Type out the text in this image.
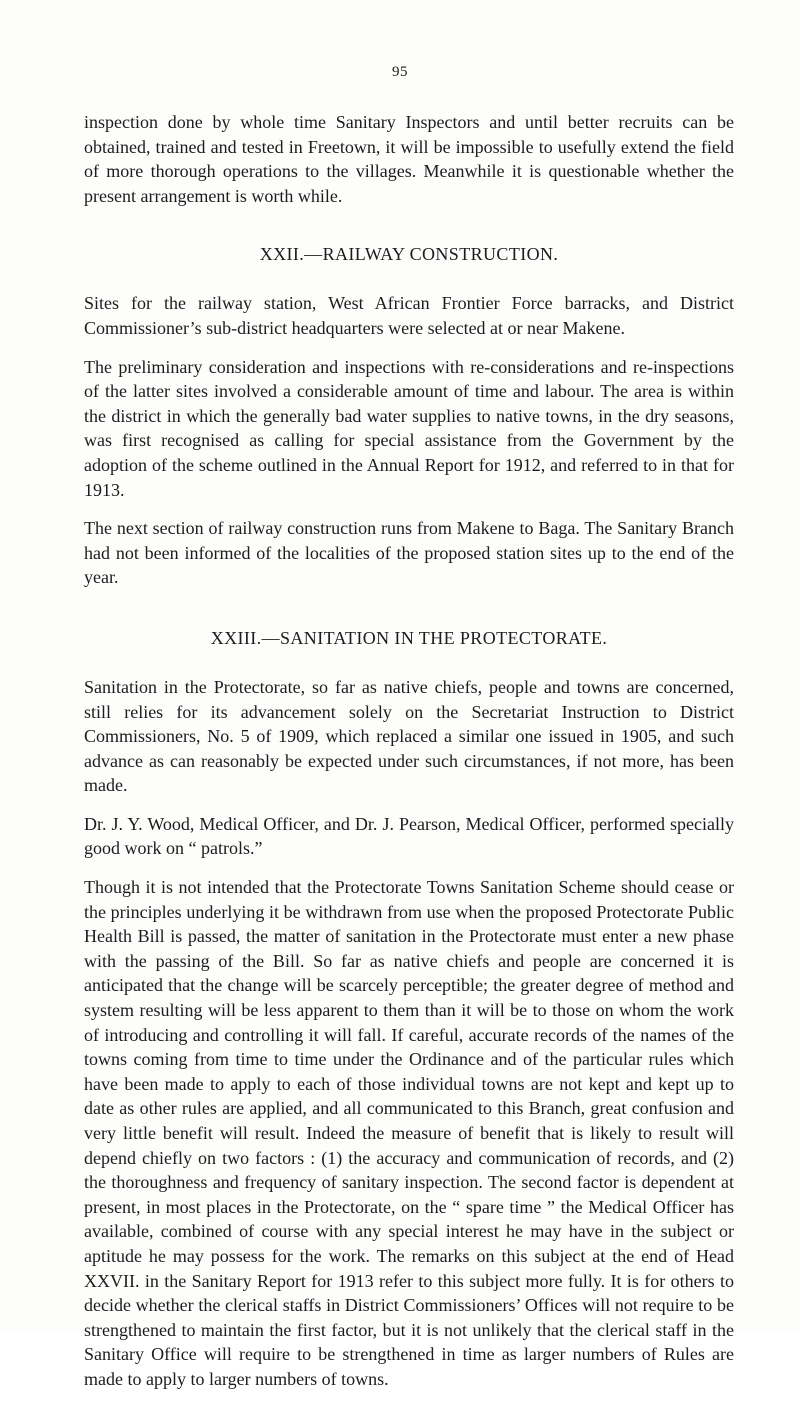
95

inspection done by whole time Sanitary Inspectors and until better recruits can be obtained, trained and tested in Freetown, it will be impossible to usefully extend the field of more thorough operations to the villages. Meanwhile it is questionable whether the present arrangement is worth while.

XXII.—RAILWAY CONSTRUCTION.

Sites for the railway station, West African Frontier Force barracks, and District Commissioner’s sub-district headquarters were selected at or near Makene.

The preliminary consideration and inspections with re-considerations and re-inspections of the latter sites involved a considerable amount of time and labour. The area is within the district in which the generally bad water supplies to native towns, in the dry seasons, was first recognised as calling for special assistance from the Government by the adoption of the scheme outlined in the Annual Report for 1912, and referred to in that for 1913.

The next section of railway construction runs from Makene to Baga. The Sanitary Branch had not been informed of the localities of the proposed station sites up to the end of the year.

XXIII.—SANITATION IN THE PROTECTORATE.

Sanitation in the Protectorate, so far as native chiefs, people and towns are concerned, still relies for its advancement solely on the Secretariat Instruction to District Commissioners, No. 5 of 1909, which replaced a similar one issued in 1905, and such advance as can reasonably be expected under such circumstances, if not more, has been made.

Dr. J. Y. Wood, Medical Officer, and Dr. J. Pearson, Medical Officer, performed specially good work on “ patrols.”

Though it is not intended that the Protectorate Towns Sanitation Scheme should cease or the principles underlying it be withdrawn from use when the proposed Protectorate Public Health Bill is passed, the matter of sanitation in the Protectorate must enter a new phase with the passing of the Bill. So far as native chiefs and people are concerned it is anticipated that the change will be scarcely perceptible; the greater degree of method and system resulting will be less apparent to them than it will be to those on whom the work of introducing and controlling it will fall. If careful, accurate records of the names of the towns coming from time to time under the Ordinance and of the particular rules which have been made to apply to each of those individual towns are not kept and kept up to date as other rules are applied, and all communicated to this Branch, great confusion and very little benefit will result. Indeed the measure of benefit that is likely to result will depend chiefly on two factors : (1) the accuracy and communication of records, and (2) the thoroughness and frequency of sanitary inspection. The second factor is dependent at present, in most places in the Protectorate, on the “ spare time ” the Medical Officer has available, combined of course with any special interest he may have in the subject or aptitude he may possess for the work. The remarks on this subject at the end of Head XXVII. in the Sanitary Report for 1913 refer to this subject more fully. It is for others to decide whether the clerical staffs in District Commissioners’ Offices will not require to be strengthened to maintain the first factor, but it is not unlikely that the clerical staff in the Sanitary Office will require to be strengthened in time as larger numbers of Rules are made to apply to larger numbers of towns.
